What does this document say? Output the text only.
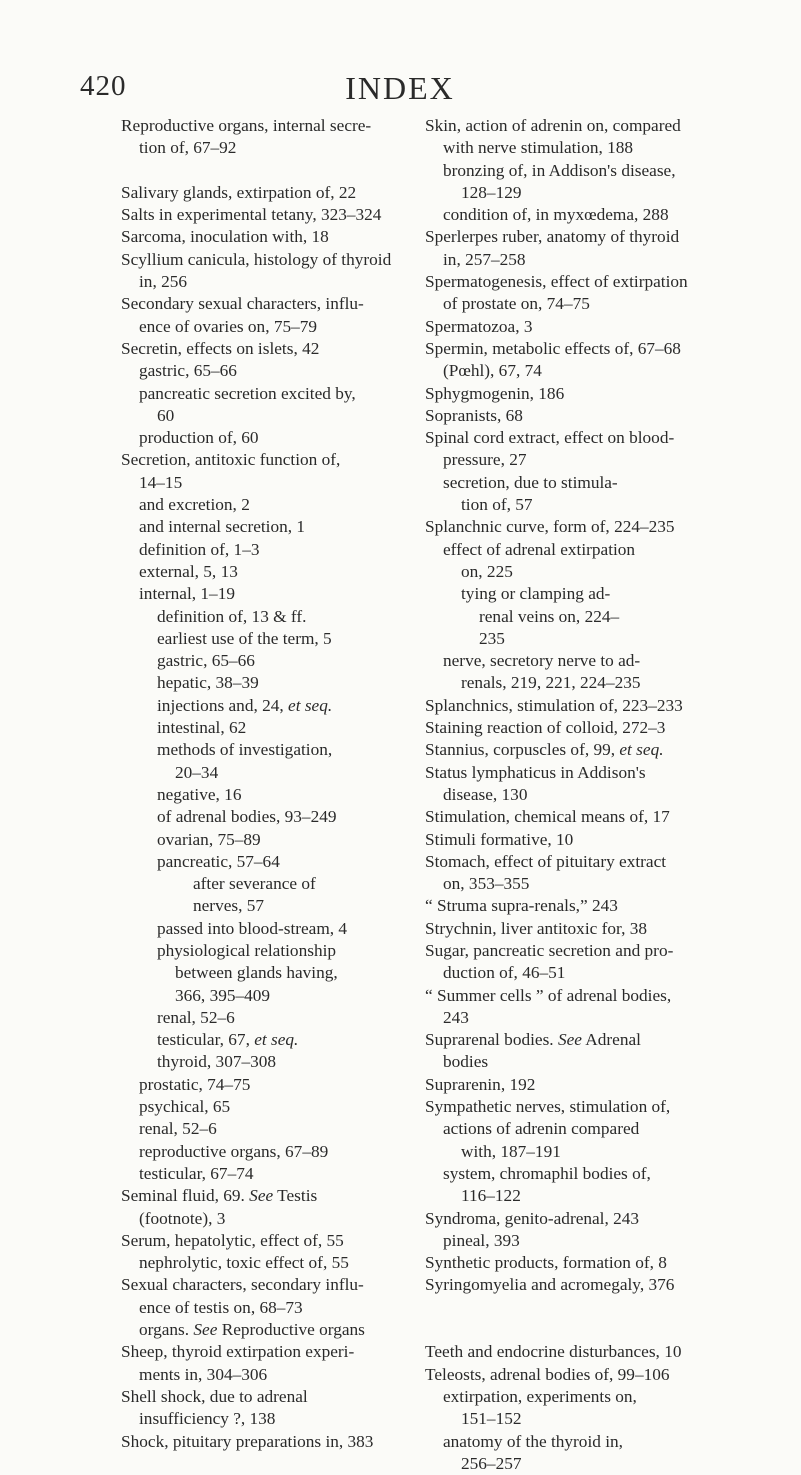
420	INDEX
Reproductive organs, internal secre-
tion of, 67–92
Salivary glands, extirpation of, 22
Salts in experimental tetany, 323–324
Sarcoma, inoculation with, 18
Scyllium canicula, histology of thyroid
in, 256
Secondary sexual characters, influ-
ence of ovaries on, 75–79
Secretin, effects on islets, 42
gastric, 65–66
pancreatic secretion excited by,
60
production of, 60
Secretion, antitoxic function of,
14–15
and excretion, 2
and internal secretion, 1
definition of, 1–3
external, 5, 13
internal, 1–19
definition of, 13 & ff.
earliest use of the term, 5
gastric, 65–66
hepatic, 38–39
injections and, 24, et seq.
intestinal, 62
methods of investigation,
20–34
negative, 16
of adrenal bodies, 93–249
ovarian, 75–89
pancreatic, 57–64
after severance of
nerves, 57
passed into blood-stream, 4
physiological relationship
between glands having,
366, 395–409
renal, 52–6
testicular, 67, et seq.
thyroid, 307–308
prostatic, 74–75
psychical, 65
renal, 52–6
reproductive organs, 67–89
testicular, 67–74
Seminal fluid, 69. See Testis
(footnote), 3
Serum, hepatolytic, effect of, 55
nephrolytic, toxic effect of, 55
Sexual characters, secondary influ-
ence of testis on, 68–73
organs. See Reproductive organs
Sheep, thyroid extirpation experi-
ments in, 304–306
Shell shock, due to adrenal
insufficiency ?, 138
Shock, pituitary preparations in, 383
Skin, action of adrenin on, compared
with nerve stimulation, 188
bronzing of, in Addison's disease,
128–129
condition of, in myxœdema, 288
Sperlerpes ruber, anatomy of thyroid
in, 257–258
Spermatogenesis, effect of extirpation
of prostate on, 74–75
Spermatozoa, 3
Spermin, metabolic effects of, 67–68
(Pœhl), 67, 74
Sphygmogenin, 186
Sopranists, 68
Spinal cord extract, effect on blood-
pressure, 27
secretion, due to stimula-
tion of, 57
Splanchnic curve, form of, 224–235
effect of adrenal extirpation
on, 225
tying or clamping ad-
renal veins on, 224–
235
nerve, secretory nerve to ad-
renals, 219, 221, 224–235
Splanchnics, stimulation of, 223–233
Staining reaction of colloid, 272–3
Stannius, corpuscles of, 99, et seq.
Status lymphaticus in Addison's
disease, 130
Stimulation, chemical means of, 17
Stimuli formative, 10
Stomach, effect of pituitary extract
on, 353–355
“ Struma supra-renals,” 243
Strychnin, liver antitoxic for, 38
Sugar, pancreatic secretion and pro-
duction of, 46–51
“ Summer cells ” of adrenal bodies,
243
Suprarenal bodies. See Adrenal
bodies
Suprarenin, 192
Sympathetic nerves, stimulation of,
actions of adrenin compared
with, 187–191
system, chromaphil bodies of,
116–122
Syndroma, genito-adrenal, 243
pineal, 393
Synthetic products, formation of, 8
Syringomyelia and acromegaly, 376
Teeth and endocrine disturbances, 10
Teleosts, adrenal bodies of, 99–106
extirpation, experiments on,
151–152
anatomy of the thyroid in,
256–257
